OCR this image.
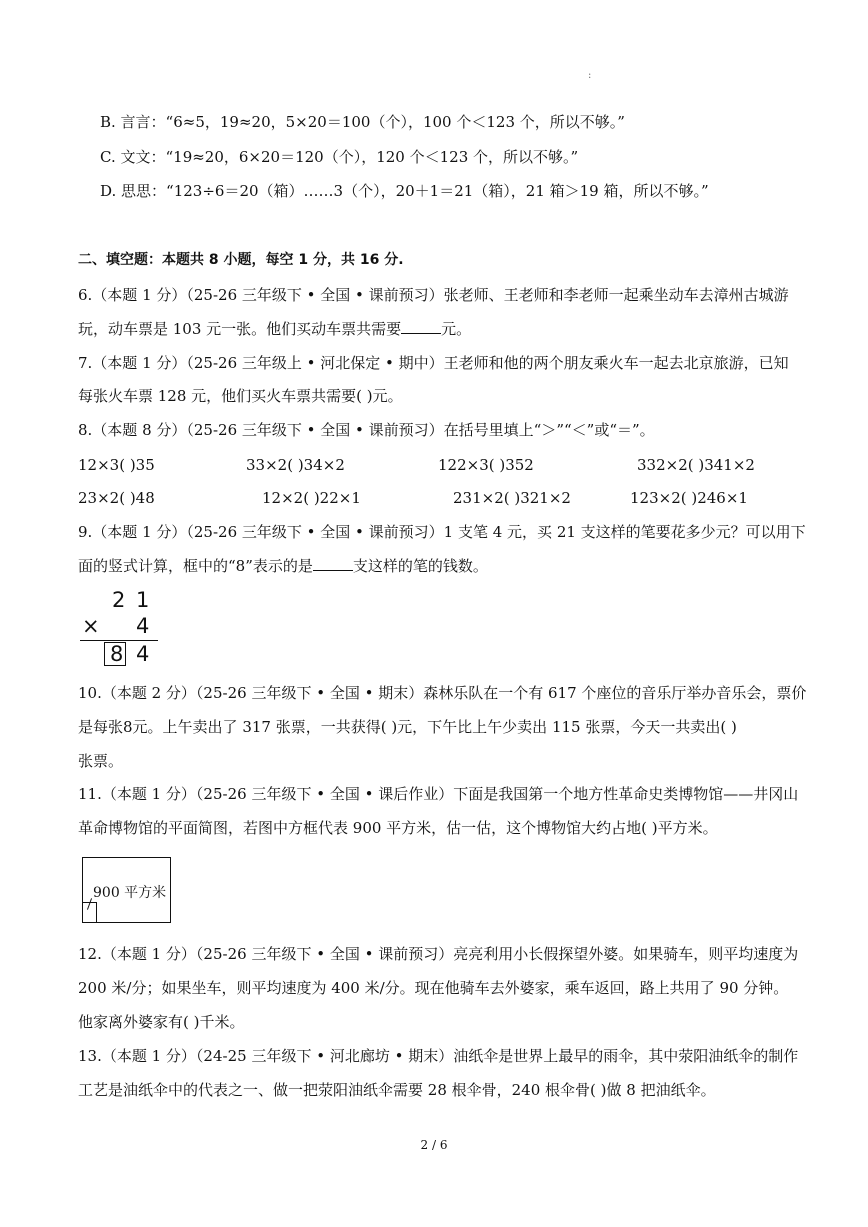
:
B. 言言：“6≈5，19≈20，5×20＝100（个），100 个＜123 个，所以不够。”
C. 文文：“19≈20，6×20＝120（个），120 个＜123 个，所以不够。”
D. 思思：“123÷6＝20（箱）……3（个），20＋1＝21（箱），21 箱＞19 箱，所以不够。”
二、填空题：本题共 8 小题，每空 1 分，共 16 分.
6.（本题 1 分）（25-26 三年级下 • 全国 • 课前预习）张老师、王老师和李老师一起乘坐动车去漳州古城游
玩，动车票是 103 元一张。他们买动车票共需要	元。
7.（本题 1 分）（25-26 三年级上 • 河北保定 • 期中）王老师和他的两个朋友乘火车一起去北京旅游，已知
每张火车票 128 元，他们买火车票共需要( )元。
8.（本题 8 分）（25-26 三年级下 • 全国 • 课前预习）在括号里填上“＞”“＜”或“＝”。
12×3( )35	33×2( )34×2	122×3( )352	332×2( )341×2
23×2( )48	12×2( )22×1	231×2( )321×2	123×2( )246×1
9.（本题 1 分）（25-26 三年级下 • 全国 • 课前预习）1 支笔 4 元，买 21 支这样的笔要花多少元？可以用下
面的竖式计算，框中的“8”表示的是	支这样的笔的钱数。
2 1
× 4
8 4
10.（本题 2 分）（25-26 三年级下 • 全国 • 期末）森林乐队在一个有 617 个座位的音乐厅举办音乐会，票价
是每张8元。上午卖出了 317 张票，一共获得( )元，下午比上午少卖出 115 张票，今天一共卖出( )
张票。
11.（本题 1 分）（25-26 三年级下 • 全国 • 课后作业）下面是我国第一个地方性革命史类博物馆——井冈山
革命博物馆的平面简图，若图中方框代表 900 平方米，估一估，这个博物馆大约占地( )平方米。
900 平方米
12.（本题 1 分）（25-26 三年级下 • 全国 • 课前预习）亮亮利用小长假探望外婆。如果骑车，则平均速度为
200 米/分；如果坐车，则平均速度为 400 米/分。现在他骑车去外婆家，乘车返回，路上共用了 90 分钟。
他家离外婆家有( )千米。
13.（本题 1 分）（24-25 三年级下 • 河北廊坊 • 期末）油纸伞是世界上最早的雨伞，其中荥阳油纸伞的制作
工艺是油纸伞中的代表之一、做一把荥阳油纸伞需要 28 根伞骨，240 根伞骨( )做 8 把油纸伞。
2 / 6
